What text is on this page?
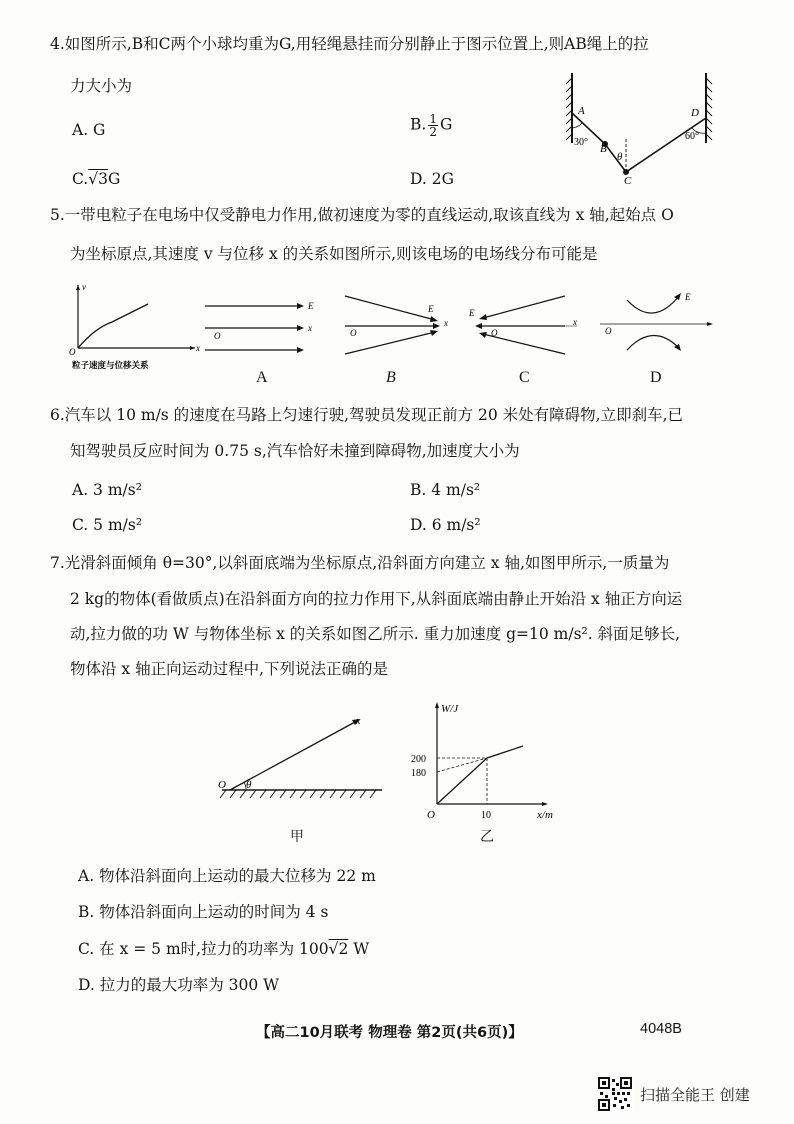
4.如图所示,B和C两个小球均重为G,用轻绳悬挂而分别静止于图示位置上,则AB绳上的拉
力大小为
A. G	B. $\frac{1}{2}$ G
C.√3G	D. 2G
A
B
C
D
30°
60°
θ
5.一带电粒子在电场中仅受静电力作用,做初速度为零的直线运动,取该直线为 x 轴,起始点 O
为坐标原点,其速度 v 与位移 x 的关系如图所示,则该电场的电场线分布可能是
v
x
O
粒子速度与位移关系
E
x
O
A
E
x
O
B
E
x
O
C
E
O
D
6.汽车以 10 m/s 的速度在马路上匀速行驶,驾驶员发现正前方 20 米处有障碍物,立即刹车,已
知驾驶员反应时间为 0.75 s,汽车恰好未撞到障碍物,加速度大小为
A. 3 m/s²	B. 4 m/s²
C. 5 m/s²	D. 6 m/s²
7.光滑斜面倾角 θ=30°,以斜面底端为坐标原点,沿斜面方向建立 x 轴,如图甲所示,一质量为
2 kg的物体(看做质点)在沿斜面方向的拉力作用下,从斜面底端由静止开始沿 x 轴正方向运
动,拉力做的功 W 与物体坐标 x 的关系如图乙所示. 重力加速度 g=10 m/s². 斜面足够长,
物体沿 x 轴正向运动过程中,下列说法正确的是
x
O θ
甲
W/J
x/m
O
200
180
10
乙
A. 物体沿斜面向上运动的最大位移为 22 m
B. 物体沿斜面向上运动的时间为 4 s
C. 在 x = 5 m时,拉力的功率为 100√2 W
D. 拉力的最大功率为 300 W
【高二10月联考 物理卷 第2页(共6页)】	4048B
扫描全能王 创建
